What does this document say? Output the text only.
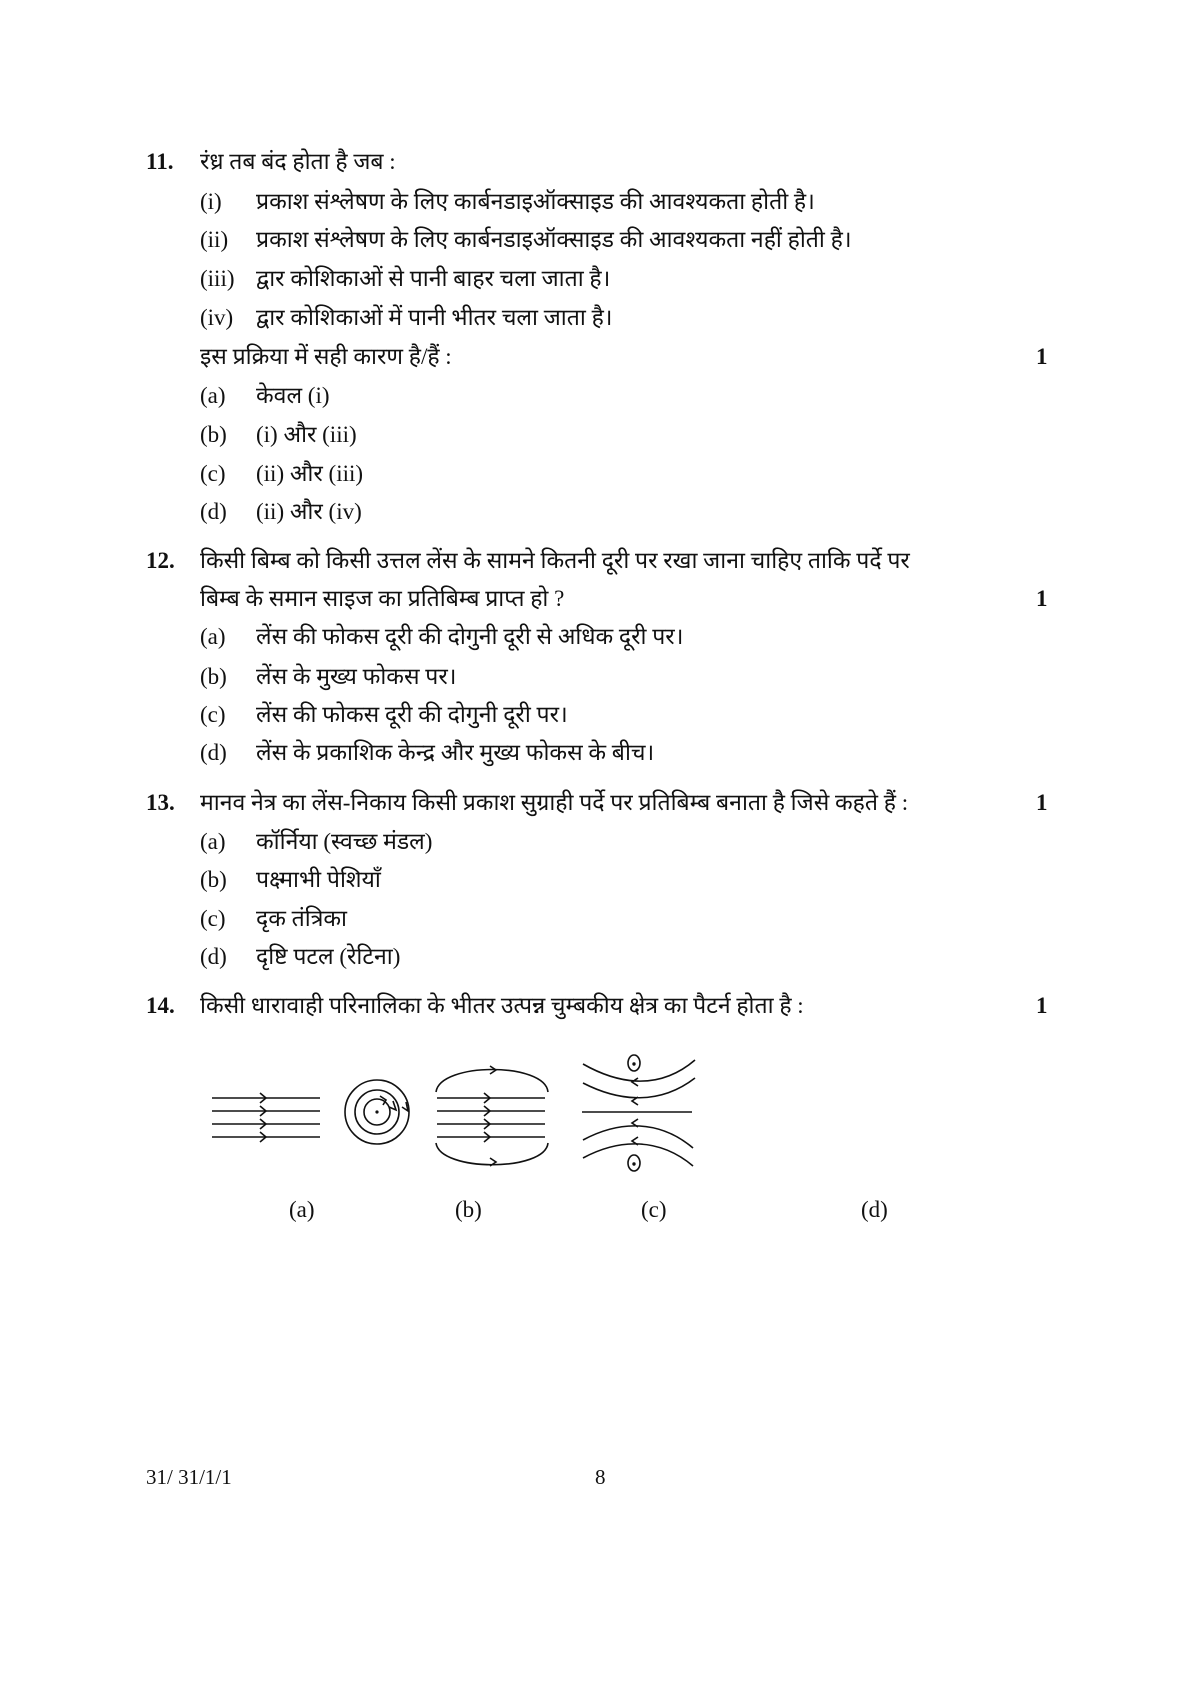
11. रंध्र तब बंद होता है जब :
(i) प्रकाश संश्लेषण के लिए कार्बनडाइऑक्साइड की आवश्यकता होती है।
(ii) प्रकाश संश्लेषण के लिए कार्बनडाइऑक्साइड की आवश्यकता नहीं होती है।
(iii) द्वार कोशिकाओं से पानी बाहर चला जाता है।
(iv) द्वार कोशिकाओं में पानी भीतर चला जाता है।
इस प्रक्रिया में सही कारण है/हैं :	1
(a) केवल (i)
(b) (i) और (iii)
(c) (ii) और (iii)
(d) (ii) और (iv)
12. किसी बिम्ब को किसी उत्तल लेंस के सामने कितनी दूरी पर रखा जाना चाहिए ताकि पर्दे पर
बिम्ब के समान साइज का प्रतिबिम्ब प्राप्त हो ?	1
(a) लेंस की फोकस दूरी की दोगुनी दूरी से अधिक दूरी पर।
(b) लेंस के मुख्य फोकस पर।
(c) लेंस की फोकस दूरी की दोगुनी दूरी पर।
(d) लेंस के प्रकाशिक केन्द्र और मुख्य फोकस के बीच।
13. मानव नेत्र का लेंस-निकाय किसी प्रकाश सुग्राही पर्दे पर प्रतिबिम्ब बनाता है जिसे कहते हैं :	1
(a) कॉर्निया (स्वच्छ मंडल)
(b) पक्ष्माभी पेशियाँ
(c) दृक तंत्रिका
(d) दृष्टि पटल (रेटिना)
14. किसी धारावाही परिनालिका के भीतर उत्पन्न चुम्बकीय क्षेत्र का पैटर्न होता है :	1
(a)	(b)	(c)	(d)
31/ 31/1/1	8
